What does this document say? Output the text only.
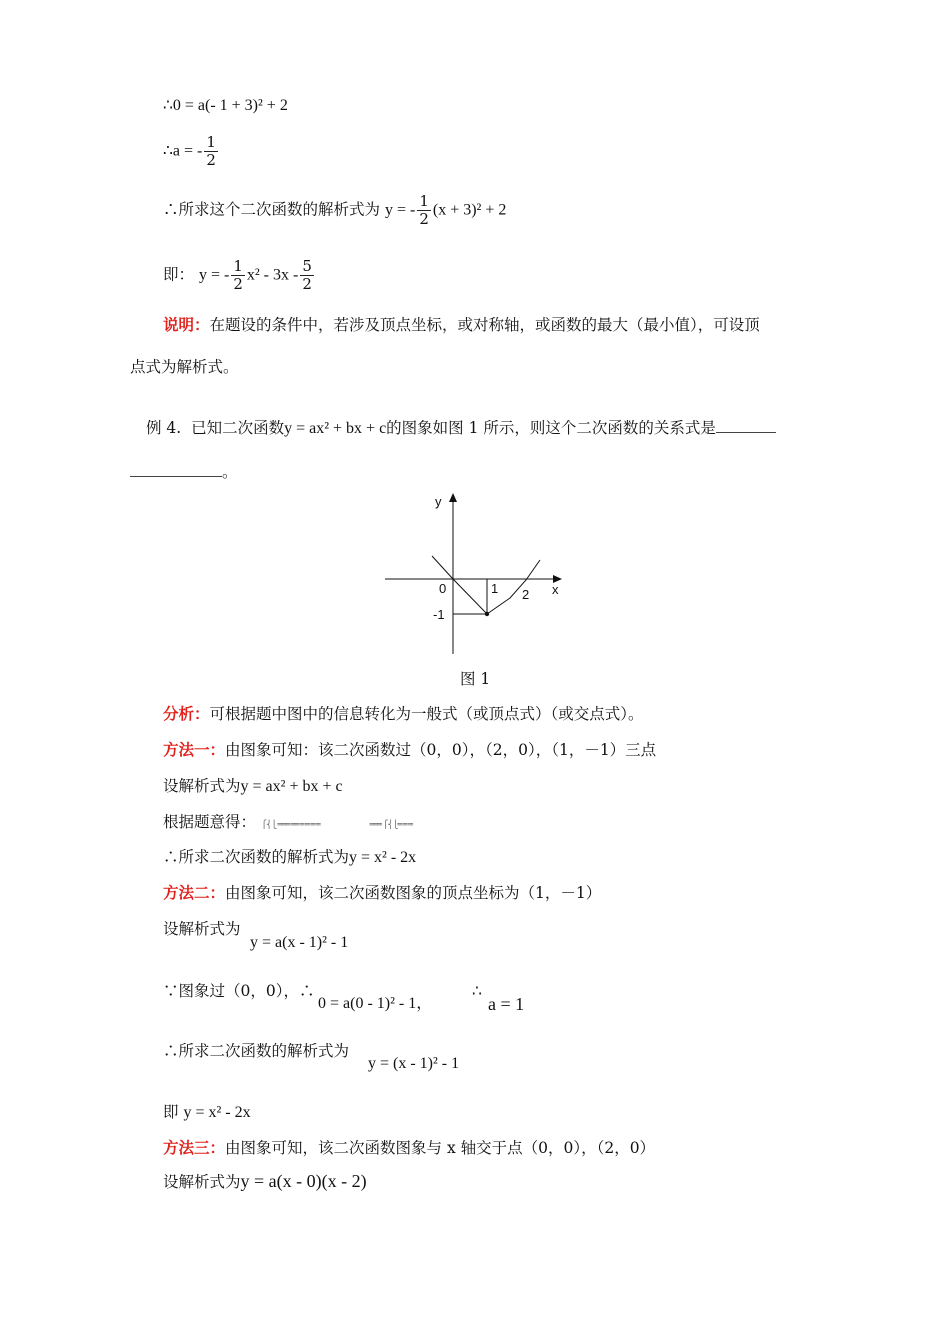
∴0 = a(- 1 + 3)² + 2
∴a = - $\frac{1}{2}$
∴所求这个二次函数的解析式为 y = - $\frac{1}{2} (x + 3)^2 + 2$
即： y = - $\frac{1}{2} x^2 - 3x - \frac{5}{2}$
说明：在题设的条件中，若涉及顶点坐标，或对称轴，或函数的最大（最小值），可设顶
点式为解析式。
例 4. 已知二次函数y = ax² + bx + c的图象如图 1 所示，则这个二次函数的关系式是
。
y
x
0	1 2
-1
图 1
分析：可根据题中图中的信息转化为一般式（或顶点式）（或交点式）。
方法一：由图象可知：该二次函数过（0，0），（2，0），（1，－1）三点
设解析式为y = ax² + bx + c
根据题意得： ⎧⎨⎩ ═══ ══ ═ ═ ═ ═	═══ ⎧⎨⎩═ ═ ═
∴所求二次函数的解析式为y = x² - 2x
方法二：由图象可知，该二次函数图象的顶点坐标为（1，－1）
设解析式为
y = a(x - 1)² - 1
∵图象过（0，0），∴
0 = a(0 - 1)² - 1，
∴
a = 1
∴所求二次函数的解析式为
y = (x - 1)² - 1
即 y = x² - 2x
方法三：由图象可知，该二次函数图象与 x 轴交于点（0，0），（2，0）
设解析式为y = a(x - 0)(x - 2)
